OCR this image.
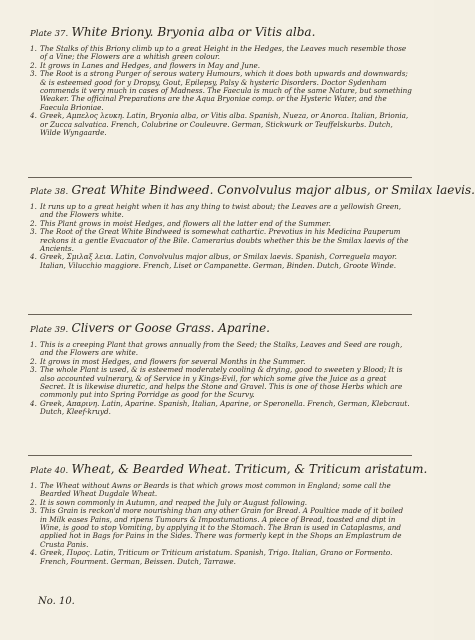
Plate 37. White Briony. Bryonia alba or Vitis alba.
1. The Stalks of this Briony climb up to a great Height in the Hedges, the Leaves much resemble those of a Vine; the Flowers are a whitish green colour.
2. It grows in Lanes and Hedges, and flowers in May and June.
3. The Root is a strong Purger of serous watery Humours, which it does both upwards and downwards; & is esteemed good for y Dropsy, Gout, Epilepsy, Palsy & hysteric Disorders. Doctor Sydenham commends it very much in cases of Madness. The Faecula is much of the same Nature, but something Weaker. The officinal Preparations are the Aqua Bryoniae comp. or the Hysteric Water, and the Faecula Brioniae.
4. Greek, Αμπελος λευκη. Latin, Bryonia alba, or Vitis alba. Spanish, Nueza, or Anorca. Italian, Brionia, or Zucca salvatica. French, Colubrine or Couleuvre. German, Stickwurk or Teuffelskurbs. Dutch, Wilde Wyngaarde.
Plate 38. Great White Bindweed. Convolvulus major albus, or Smilax laevis.
1. It runs up to a great height when it has any thing to twist about; the Leaves are a yellowish Green, and the Flowers white.
2. This Plant grows in moist Hedges, and flowers all the latter end of the Summer.
3. The Root of the Great White Bindweed is somewhat cathartic. Prevotius in his Medicina Pauperum reckons it a gentle Evacuator of the Bile. Camerarius doubts whether this be the Smilax laevis of the Ancients.
4. Greek, Σμιλαξ λεια. Latin, Convolvulus major albus, or Smilax laevis. Spanish, Correguela mayor. Italian, Vilucchio maggiore. French, Liset or Campanette. German, Binden. Dutch, Groote Winde.
Plate 39. Clivers or Goose Grass. Aparine.
1. This is a creeping Plant that grows annually from the Seed; the Stalks, Leaves and Seed are rough, and the Flowers are white.
2. It grows in most Hedges, and flowers for several Months in the Summer.
3. The whole Plant is used, & is esteemed moderately cooling & drying, good to sweeten y Blood; It is also accounted vulnerary, & of Service in y Kings-Evil, for which some give the Juice as a great Secret. It is likewise diuretic, and helps the Stone and Gravel. This is one of those Herbs which are commonly put into Spring Porridge as good for the Scurvy.
4. Greek, Απαρινη. Latin, Aparine. Spanish, Italian, Aparine, or Speronella. French, German, Klebcraut. Dutch, Kleef-kruyd.
Plate 40. Wheat, & Bearded Wheat. Triticum, & Triticum aristatum.
1. The Wheat without Awns or Beards is that which grows most common in England; some call the Bearded Wheat Dugdale Wheat.
2. It is sown commonly in Autumn, and reaped the July or August following.
3. This Grain is reckon'd more nourishing than any other Grain for Bread. A Poultice made of it boiled in Milk eases Pains, and ripens Tumours & Impostumations. A piece of Bread, toasted and dipt in Wine, is good to stop Vomiting, by applying it to the Stomach. The Bran is used in Cataplasms, and applied hot in Bags for Pains in the Sides. There was formerly kept in the Shops an Emplastrum de Crusta Panis.
4. Greek, Πυρος. Latin, Triticum or Triticum aristatum. Spanish, Trigo. Italian, Grano or Formento. French, Fourment. German, Beissen. Dutch, Tarrawe.
No. 10.
